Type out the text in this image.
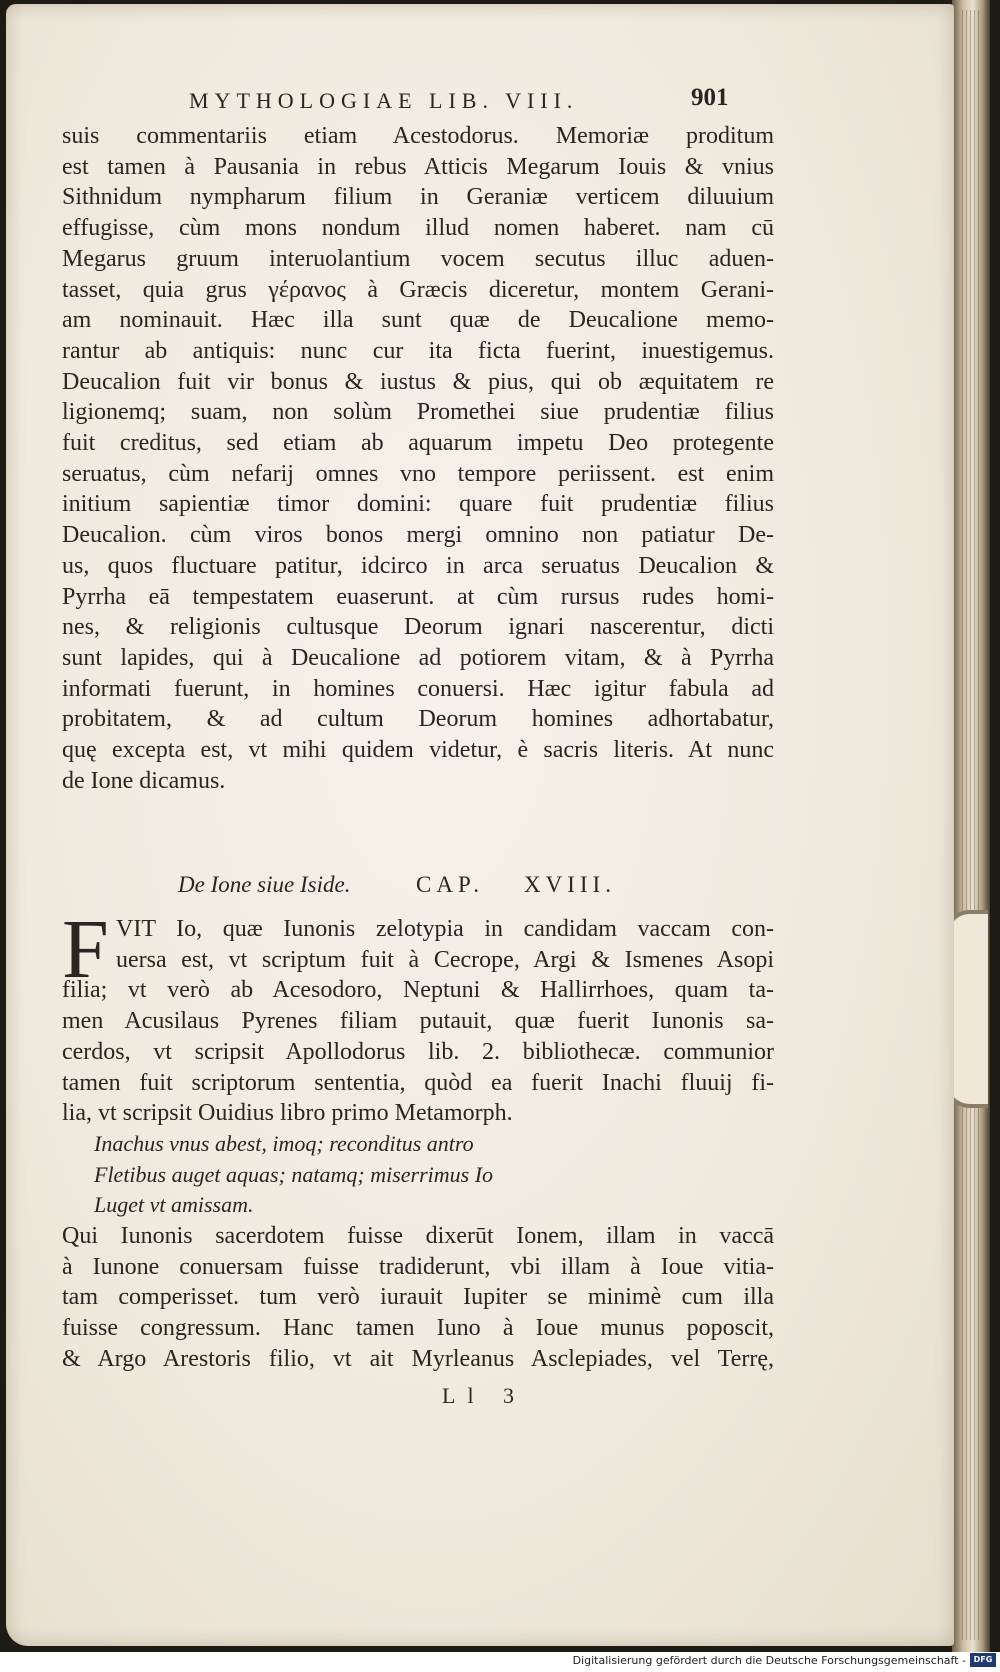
MYTHOLOGIAE LIB. VIII.	901
suis commentariis etiam Acestodorus. Memoriæ proditum
est tamen à Pausania in rebus Atticis Megarum Iouis & vnius
Sithnidum nympharum filium in Geraniæ verticem diluuium
effugisse, cùm mons nondum illud nomen haberet. nam cū
Megarus gruum interuolantium vocem secutus illuc aduen-
tasset, quia grus γέρανος à Græcis diceretur, montem Gerani-
am nominauit. Hæc illa sunt quæ de Deucalione memo-
rantur ab antiquis: nunc cur ita ficta fuerint, inuestigemus.
Deucalion fuit vir bonus & iustus & pius, qui ob æquitatem re
ligionemq; suam, non solùm Promethei siue prudentiæ filius
fuit creditus, sed etiam ab aquarum impetu Deo protegente
seruatus, cùm nefarij omnes vno tempore periissent. est enim
initium sapientiæ timor domini: quare fuit prudentiæ filius
Deucalion. cùm viros bonos mergi omnino non patiatur De-
us, quos fluctuare patitur, idcirco in arca seruatus Deucalion &
Pyrrha eā tempestatem euaserunt. at cùm rursus rudes homi-
nes, & religionis cultusque Deorum ignari nascerentur, dicti
sunt lapides, qui à Deucalione ad potiorem vitam, & à Pyrrha
informati fuerunt, in homines conuersi. Hæc igitur fabula ad
probitatem, & ad cultum Deorum homines adhortabatur,
quę excepta est, vt mihi quidem videtur, è sacris literis. At nunc
de Ione dicamus.
De Ione siue Iside.	CAP.	XVIII.
F VIT Io, quæ Iunonis zelotypia in candidam vaccam con-
uersa est, vt scriptum fuit à Cecrope, Argi & Ismenes Asopi
filia; vt verò ab Acesodoro, Neptuni & Hallirrhoes, quam ta-
men Acusilaus Pyrenes filiam putauit, quæ fuerit Iunonis sa-
cerdos, vt scripsit Apollodorus lib. 2. bibliothecæ. communior
tamen fuit scriptorum sententia, quòd ea fuerit Inachi fluuij fi-
lia, vt scripsit Ouidius libro primo Metamorph.
Inachus vnus abest, imoq; reconditus antro
Fletibus auget aquas; natamq; miserrimus Io
Luget vt amissam.
Qui Iunonis sacerdotem fuisse dixerūt Ionem, illam in vaccā
à Iunone conuersam fuisse tradiderunt, vbi illam à Ioue vitia-
tam comperisset. tum verò iurauit Iupiter se minimè cum illa
fuisse congressum. Hanc tamen Iuno à Ioue munus poposcit,
& Argo Arestoris filio, vt ait Myrleanus Asclepiades, vel Terrę,
Ll 3
Digitalisierung gefördert durch die Deutsche Forschungsgemeinschaft - DFG
